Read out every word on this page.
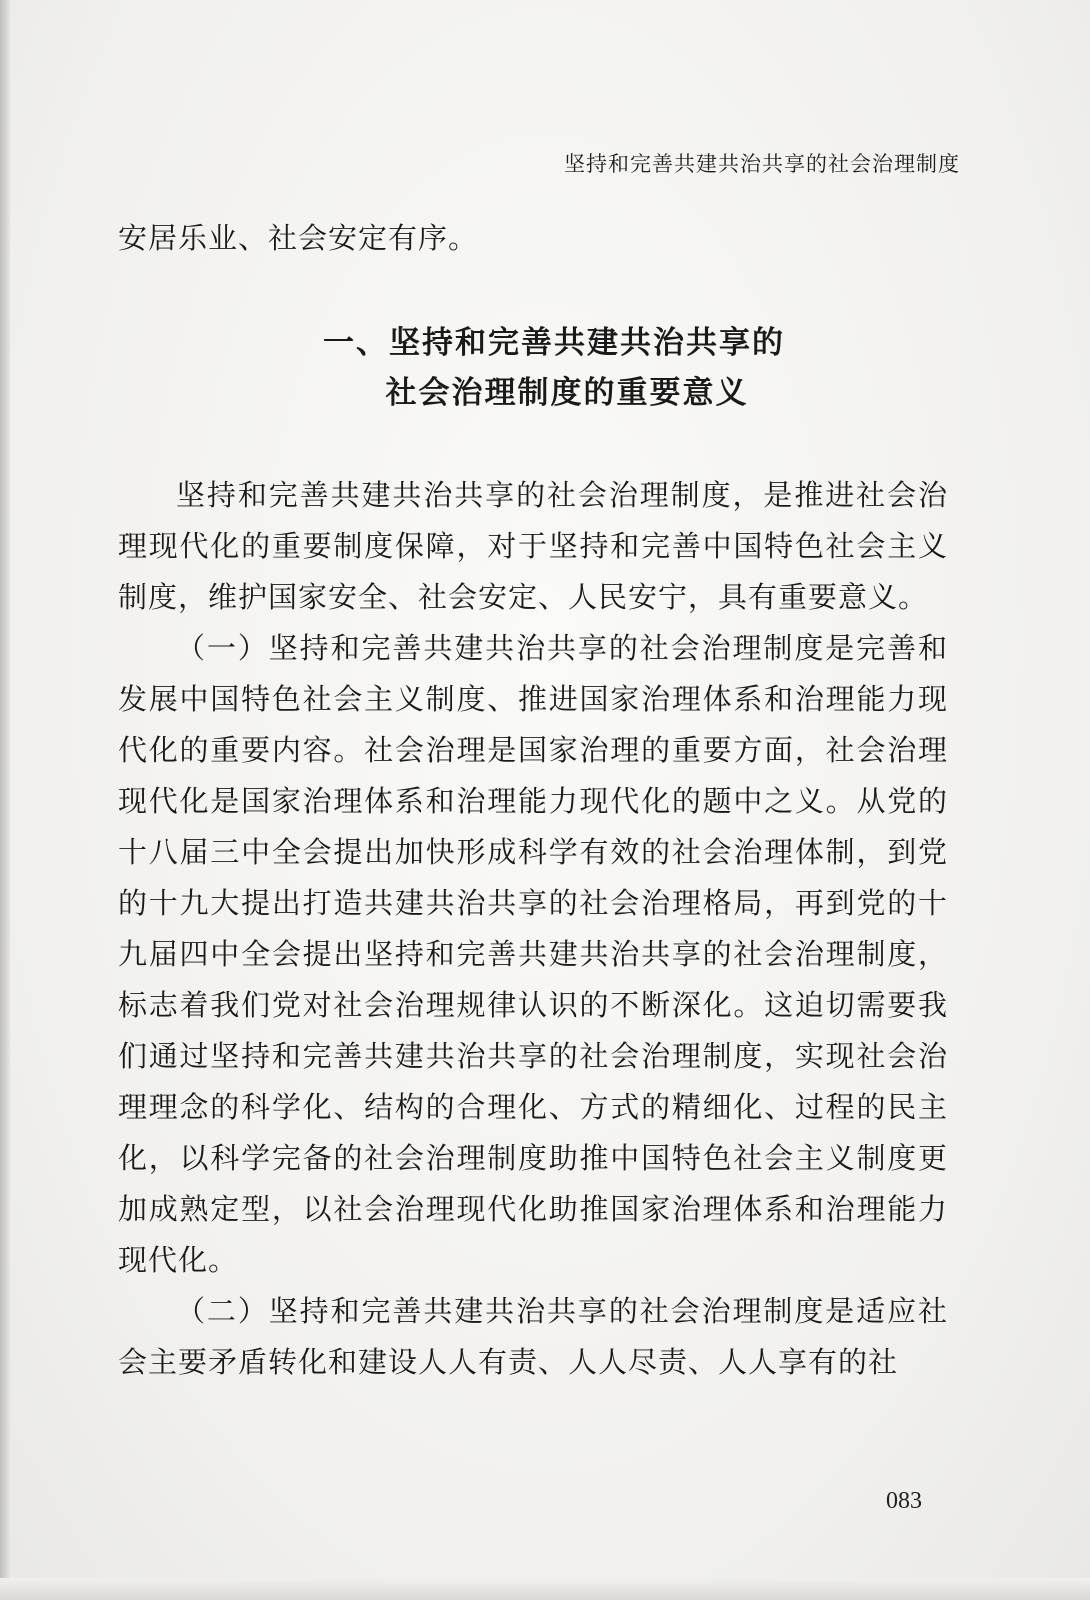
坚持和完善共建共治共享的社会治理制度

安居乐业、社会安定有序。

一、坚持和完善共建共治共享的
社会治理制度的重要意义

坚持和完善共建共治共享的社会治理制度，是推进社会治理现代化的重要制度保障，对于坚持和完善中国特色社会主义制度，维护国家安全、社会安定、人民安宁，具有重要意义。

（一）坚持和完善共建共治共享的社会治理制度是完善和发展中国特色社会主义制度、推进国家治理体系和治理能力现代化的重要内容。社会治理是国家治理的重要方面，社会治理现代化是国家治理体系和治理能力现代化的题中之义。从党的十八届三中全会提出加快形成科学有效的社会治理体制，到党的十九大提出打造共建共治共享的社会治理格局，再到党的十九届四中全会提出坚持和完善共建共治共享的社会治理制度，标志着我们党对社会治理规律认识的不断深化。这迫切需要我们通过坚持和完善共建共治共享的社会治理制度，实现社会治理理念的科学化、结构的合理化、方式的精细化、过程的民主化，以科学完备的社会治理制度助推中国特色社会主义制度更加成熟定型，以社会治理现代化助推国家治理体系和治理能力现代化。

（二）坚持和完善共建共治共享的社会治理制度是适应社会主要矛盾转化和建设人人有责、人人尽责、人人享有的社

083
